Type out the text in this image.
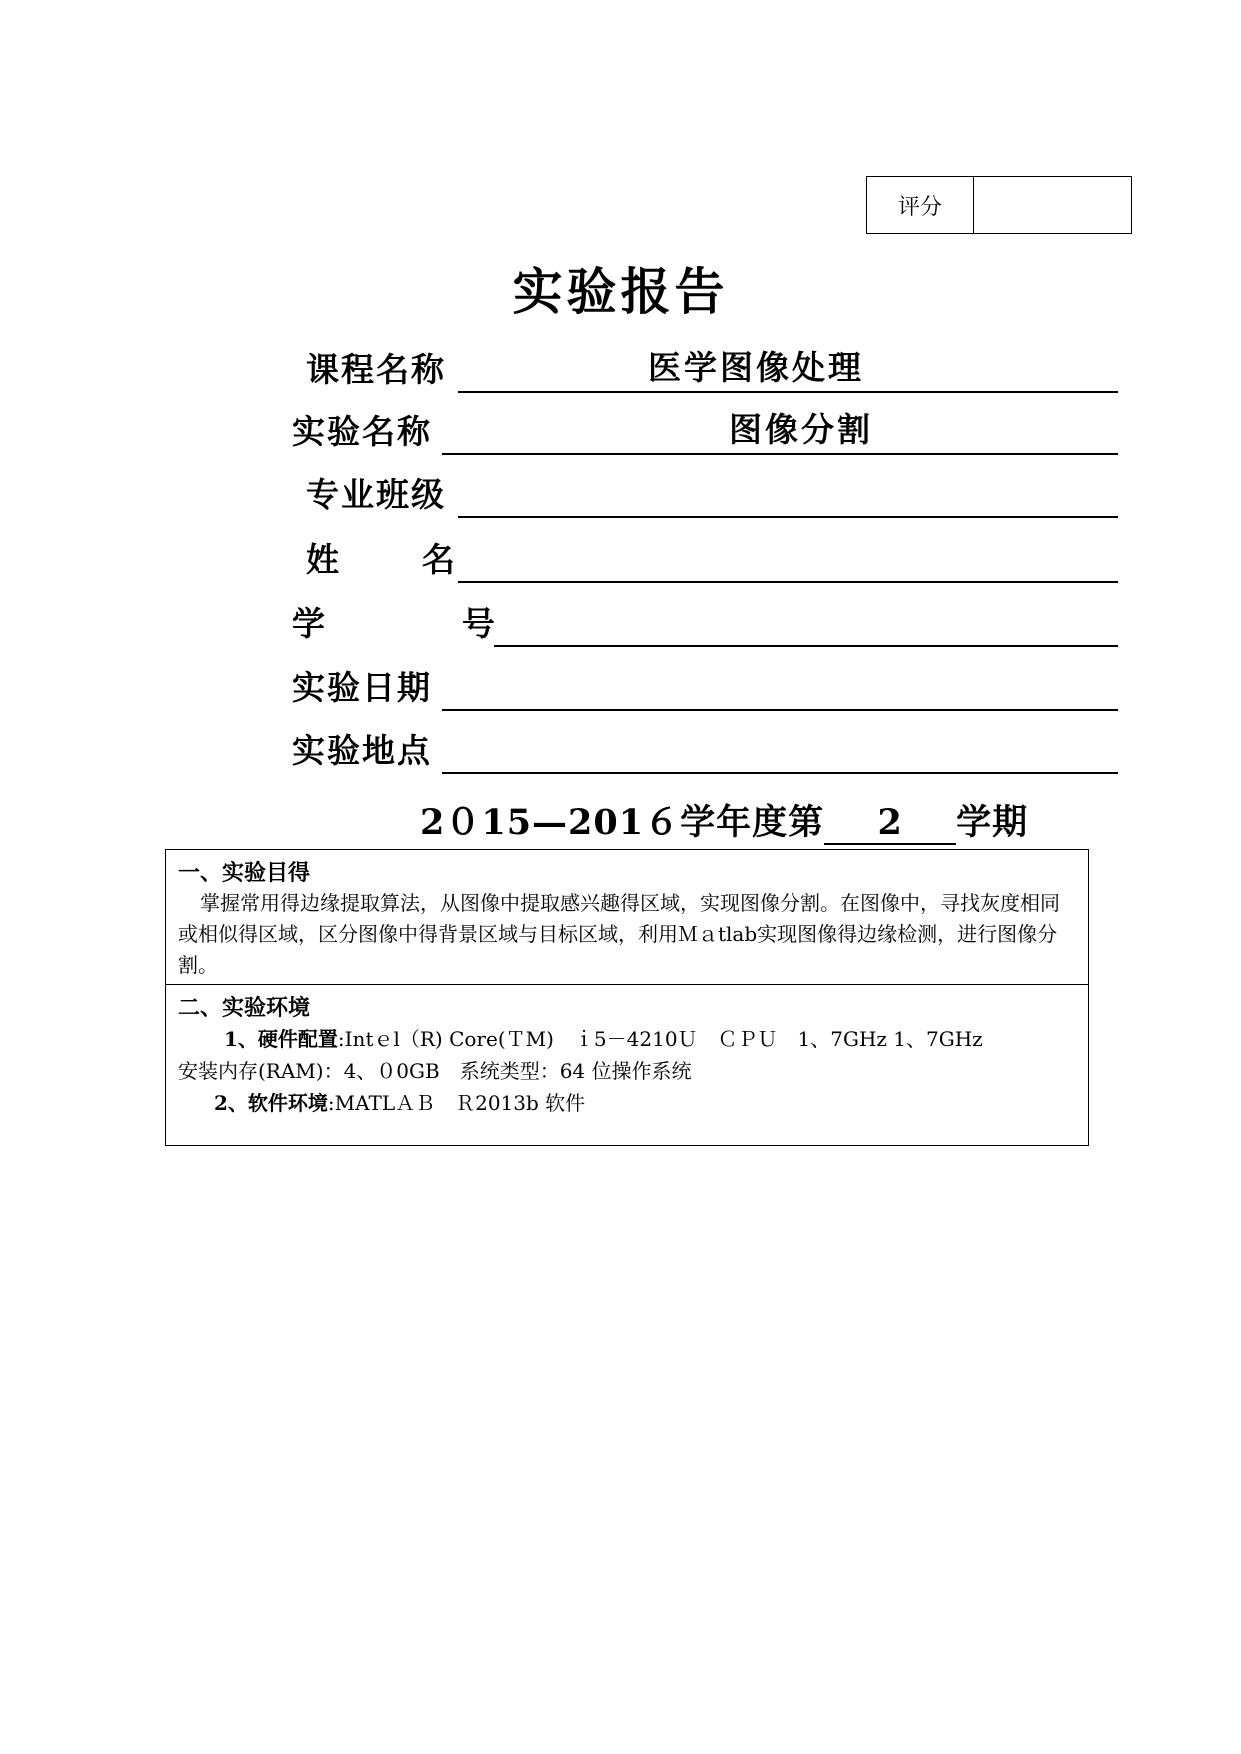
评分
实验报告
课程名称	医学图像处理
实验名称	图像分割
专业班级
姓      名
学          号
实验日期
实验地点
2０15—201６学年度第 2 学期
一、实验目得
掌握常用得边缘提取算法，从图像中提取感兴趣得区域，实现图像分割。在图像中，寻找灰度相同或相似得区域，区分图像中得背景区域与目标区域，利用Ｍａtlab实现图像得边缘检测，进行图像分割。
二、实验环境
1、硬件配置:Intｅl（R) Core(ＴM)　ｉ5－4210Ｕ　ＣＰＵ　1、7GHz 1、7GHz
安装内存(RAM)：4、０0GB　系统类型：64 位操作系统
2、软件环境:MATLＡＢ　Ｒ2013b 软件
